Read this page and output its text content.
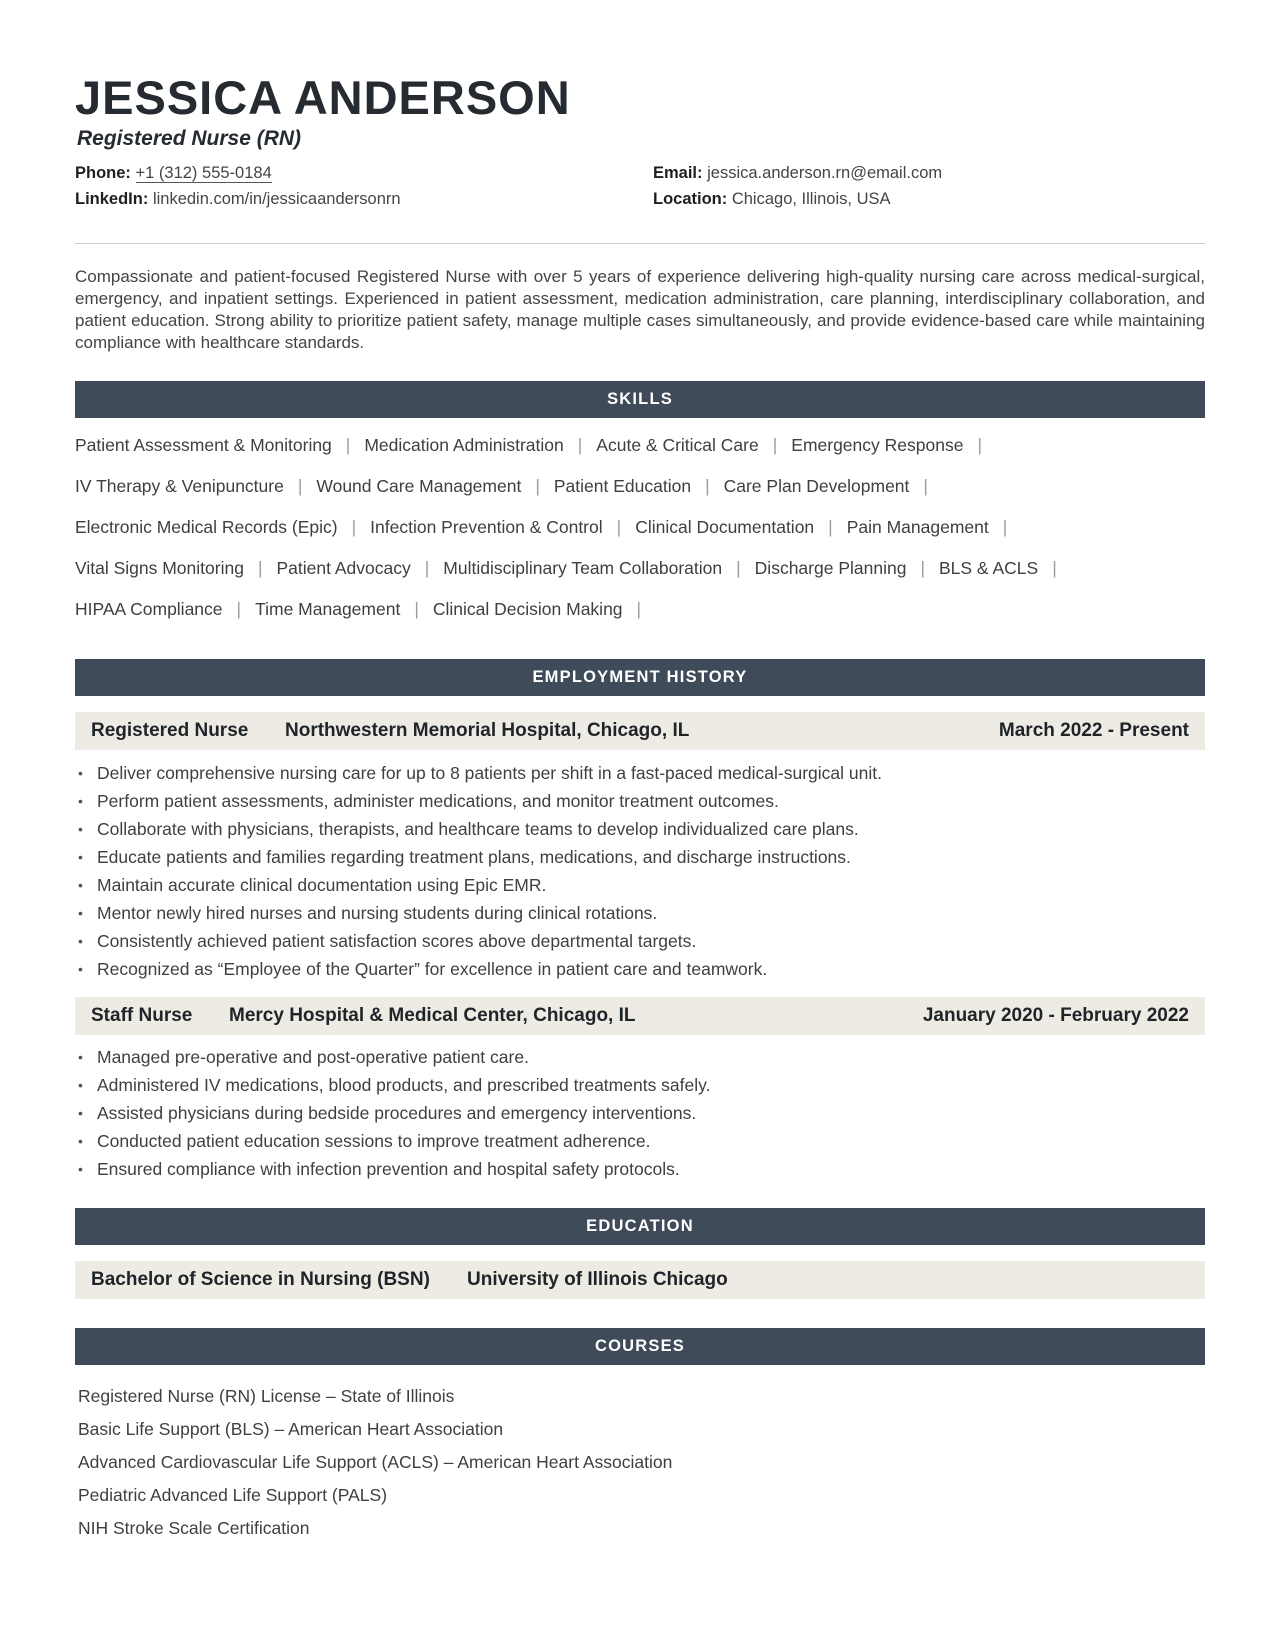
JESSICA ANDERSON
Registered Nurse (RN)
Phone: +1 (312) 555-0184
LinkedIn: linkedin.com/in/jessicaandersonrn
Email: jessica.anderson.rn@email.com
Location: Chicago, Illinois, USA

Compassionate and patient-focused Registered Nurse with over 5 years of experience delivering high-quality nursing care across medical-surgical, emergency, and inpatient settings. Experienced in patient assessment, medication administration, care planning, interdisciplinary collaboration, and patient education. Strong ability to prioritize patient safety, manage multiple cases simultaneously, and provide evidence-based care while maintaining compliance with healthcare standards.

SKILLS
Patient Assessment & Monitoring | Medication Administration | Acute & Critical Care | Emergency Response |
IV Therapy & Venipuncture | Wound Care Management | Patient Education | Care Plan Development |
Electronic Medical Records (Epic) | Infection Prevention & Control | Clinical Documentation | Pain Management |
Vital Signs Monitoring | Patient Advocacy | Multidisciplinary Team Collaboration | Discharge Planning | BLS & ACLS |
HIPAA Compliance | Time Management | Clinical Decision Making |
EMPLOYMENT HISTORY
Registered Nurse Northwestern Memorial Hospital, Chicago, IL	March 2022 - Present
• Deliver comprehensive nursing care for up to 8 patients per shift in a fast-paced medical-surgical unit.
• Perform patient assessments, administer medications, and monitor treatment outcomes.
• Collaborate with physicians, therapists, and healthcare teams to develop individualized care plans.
• Educate patients and families regarding treatment plans, medications, and discharge instructions.
• Maintain accurate clinical documentation using Epic EMR.
• Mentor newly hired nurses and nursing students during clinical rotations.
• Consistently achieved patient satisfaction scores above departmental targets.
• Recognized as “Employee of the Quarter” for excellence in patient care and teamwork.
Staff Nurse Mercy Hospital & Medical Center, Chicago, IL	January 2020 - February 2022
• Managed pre-operative and post-operative patient care.
• Administered IV medications, blood products, and prescribed treatments safely.
• Assisted physicians during bedside procedures and emergency interventions.
• Conducted patient education sessions to improve treatment adherence.
• Ensured compliance with infection prevention and hospital safety protocols.
EDUCATION
Bachelor of Science in Nursing (BSN) University of Illinois Chicago
COURSES
Registered Nurse (RN) License – State of Illinois
Basic Life Support (BLS) – American Heart Association
Advanced Cardiovascular Life Support (ACLS) – American Heart Association
Pediatric Advanced Life Support (PALS)
NIH Stroke Scale Certification
